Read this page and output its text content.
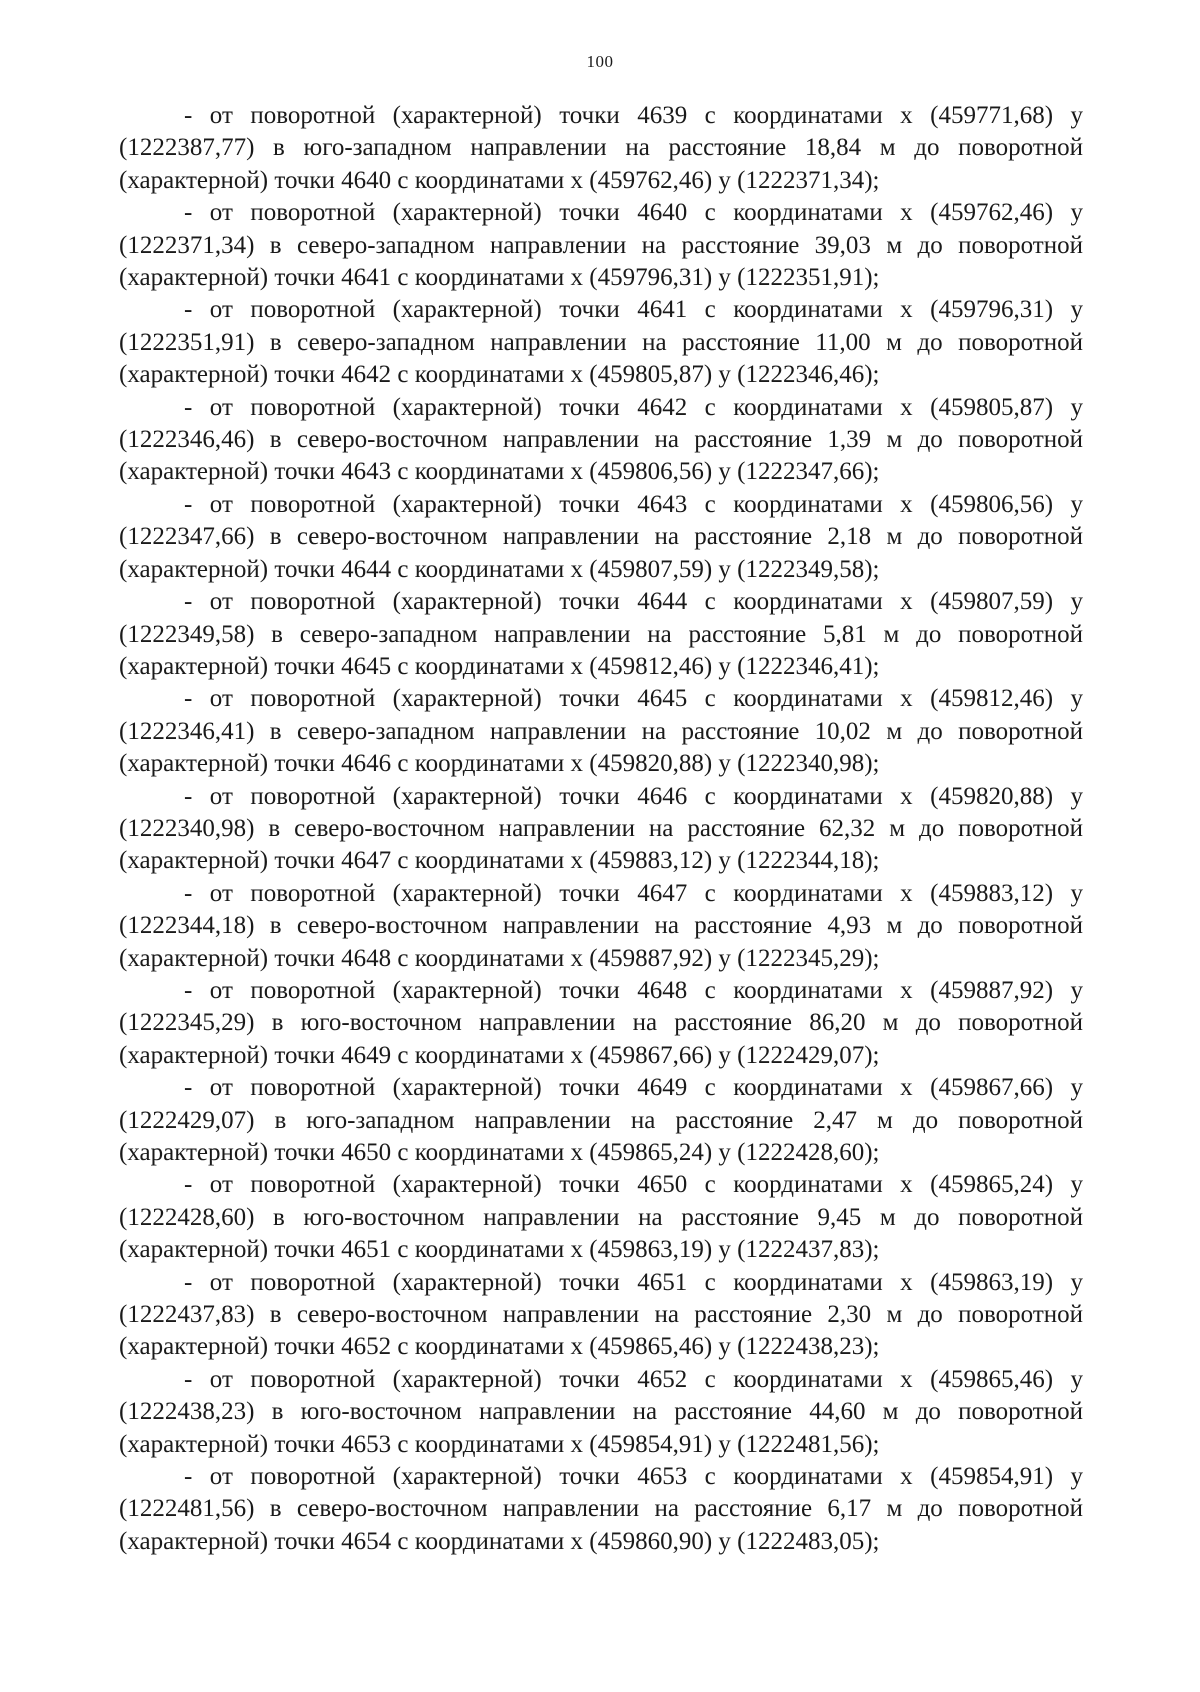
100

- от поворотной (характерной) точки 4639 с координатами х (459771,68) у (1222387,77) в юго-западном направлении на расстояние 18,84 м до поворотной (характерной) точки 4640 с координатами х (459762,46) у (1222371,34);

- от поворотной (характерной) точки 4640 с координатами х (459762,46) у (1222371,34) в северо-западном направлении на расстояние 39,03 м до поворотной (характерной) точки 4641 с координатами х (459796,31) у (1222351,91);

- от поворотной (характерной) точки 4641 с координатами х (459796,31) у (1222351,91) в северо-западном направлении на расстояние 11,00 м до поворотной (характерной) точки 4642 с координатами х (459805,87) у (1222346,46);

- от поворотной (характерной) точки 4642 с координатами х (459805,87) у (1222346,46) в северо-восточном направлении на расстояние 1,39 м до поворотной (характерной) точки 4643 с координатами х (459806,56) у (1222347,66);

- от поворотной (характерной) точки 4643 с координатами х (459806,56) у (1222347,66) в северо-восточном направлении на расстояние 2,18 м до поворотной (характерной) точки 4644 с координатами х (459807,59) у (1222349,58);

- от поворотной (характерной) точки 4644 с координатами х (459807,59) у (1222349,58) в северо-западном направлении на расстояние 5,81 м до поворотной (характерной) точки 4645 с координатами х (459812,46) у (1222346,41);

- от поворотной (характерной) точки 4645 с координатами х (459812,46) у (1222346,41) в северо-западном направлении на расстояние 10,02 м до поворотной (характерной) точки 4646 с координатами х (459820,88) у (1222340,98);

- от поворотной (характерной) точки 4646 с координатами х (459820,88) у (1222340,98) в северо-восточном направлении на расстояние 62,32 м до поворотной (характерной) точки 4647 с координатами х (459883,12) у (1222344,18);

- от поворотной (характерной) точки 4647 с координатами х (459883,12) у (1222344,18) в северо-восточном направлении на расстояние 4,93 м до поворотной (характерной) точки 4648 с координатами х (459887,92) у (1222345,29);

- от поворотной (характерной) точки 4648 с координатами х (459887,92) у (1222345,29) в юго-восточном направлении на расстояние 86,20 м до поворотной (характерной) точки 4649 с координатами х (459867,66) у (1222429,07);

- от поворотной (характерной) точки 4649 с координатами х (459867,66) у (1222429,07) в юго-западном направлении на расстояние 2,47 м до поворотной (характерной) точки 4650 с координатами х (459865,24) у (1222428,60);

- от поворотной (характерной) точки 4650 с координатами х (459865,24) у (1222428,60) в юго-восточном направлении на расстояние 9,45 м до поворотной (характерной) точки 4651 с координатами х (459863,19) у (1222437,83);

- от поворотной (характерной) точки 4651 с координатами х (459863,19) у (1222437,83) в северо-восточном направлении на расстояние 2,30 м до поворотной (характерной) точки 4652 с координатами х (459865,46) у (1222438,23);

- от поворотной (характерной) точки 4652 с координатами х (459865,46) у (1222438,23) в юго-восточном направлении на расстояние 44,60 м до поворотной (характерной) точки 4653 с координатами х (459854,91) у (1222481,56);

- от поворотной (характерной) точки 4653 с координатами х (459854,91) у (1222481,56) в северо-восточном направлении на расстояние 6,17 м до поворотной (характерной) точки 4654 с координатами х (459860,90) у (1222483,05);
